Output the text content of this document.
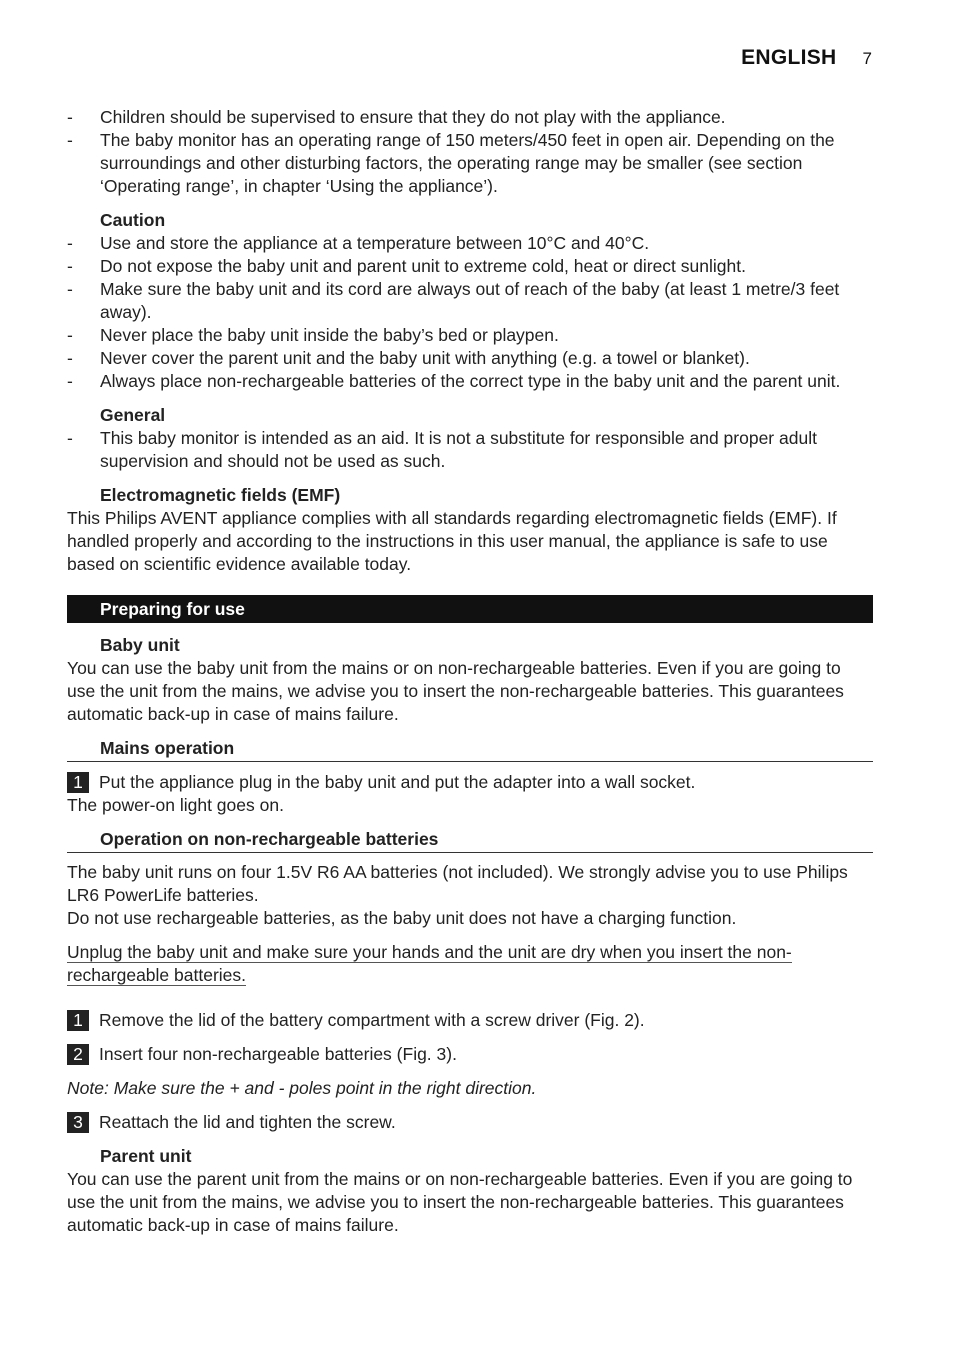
ENGLISH 7
- Children should be supervised to ensure that they do not play with the appliance.
- The baby monitor has an operating range of 150 meters/450 feet in open air. Depending on the surroundings and other disturbing factors, the operating range may be smaller (see section ‘Operating range’, in chapter ‘Using the appliance’).
Caution
- Use and store the appliance at a temperature between 10°C and 40°C.
- Do not expose the baby unit and parent unit to extreme cold, heat or direct sunlight.
- Make sure the baby unit and its cord are always out of reach of the baby (at least 1 metre/3 feet away).
- Never place the baby unit inside the baby’s bed or playpen.
- Never cover the parent unit and the baby unit with anything (e.g. a towel or blanket).
- Always place non-rechargeable batteries of the correct type in the baby unit and the parent unit.
General
- This baby monitor is intended as an aid. It is not a substitute for responsible and proper adult supervision and should not be used as such.
Electromagnetic fields (EMF)

This Philips AVENT appliance complies with all standards regarding electromagnetic fields (EMF). If handled properly and according to the instructions in this user manual, the appliance is safe to use based on scientific evidence available today.

Preparing for use
Baby unit

You can use the baby unit from the mains or on non-rechargeable batteries. Even if you are going to use the unit from the mains, we advise you to insert the non-rechargeable batteries. This guarantees automatic back-up in case of mains failure.

Mains operation
1 Put the appliance plug in the baby unit and put the adapter into a wall socket.

The power-on light goes on.

Operation on non-rechargeable batteries

The baby unit runs on four 1.5V R6 AA batteries (not included). We strongly advise you to use Philips LR6 PowerLife batteries.

Do not use rechargeable batteries, as the baby unit does not have a charging function.

Unplug the baby unit and make sure your hands and the unit are dry when you insert the non-rechargeable batteries.
1 Remove the lid of the battery compartment with a screw driver (Fig. 2).
2 Insert four non-rechargeable batteries (Fig. 3).
Note: Make sure the + and - poles point in the right direction.
3 Reattach the lid and tighten the screw.
Parent unit

You can use the parent unit from the mains or on non-rechargeable batteries. Even if you are going to use the unit from the mains, we advise you to insert the non-rechargeable batteries. This guarantees automatic back-up in case of mains failure.
